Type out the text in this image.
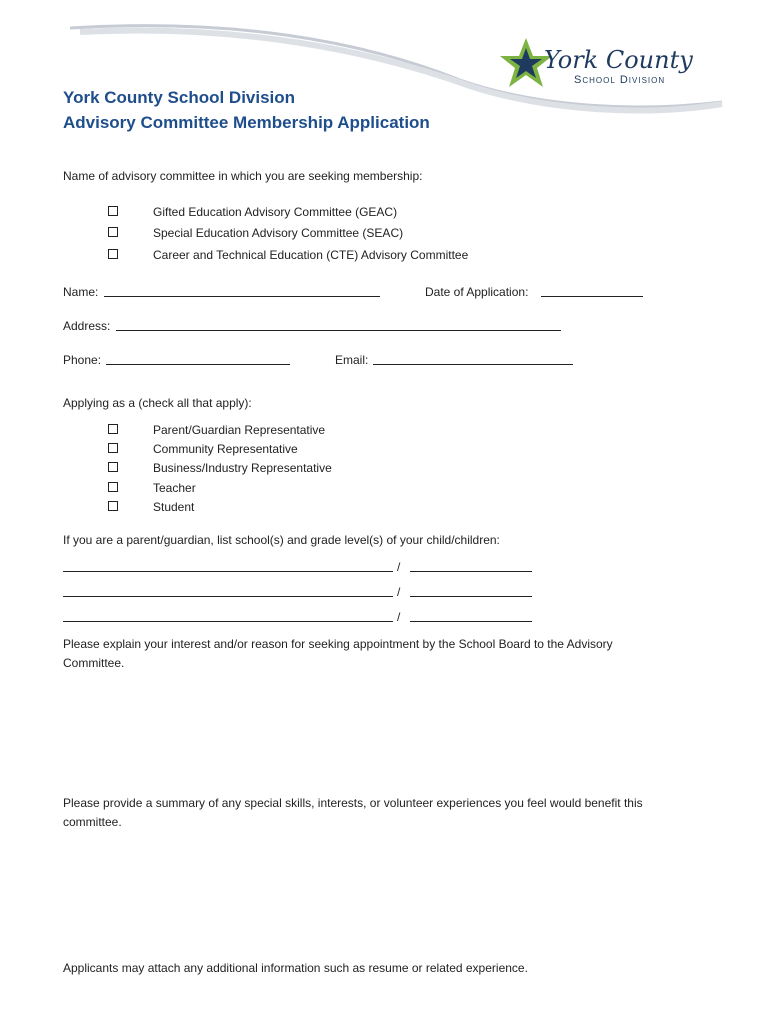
York County
School Division
York County School Division
Advisory Committee Membership Application
Name of advisory committee in which you are seeking membership:
Gifted Education Advisory Committee (GEAC)
Special Education Advisory Committee (SEAC)
Career and Technical Education (CTE) Advisory Committee
Name:	Date of Application:
Address:
Phone:	Email:
Applying as a (check all that apply):
Parent/Guardian Representative
Community Representative
Business/Industry Representative
Teacher
Student
If you are a parent/guardian, list school(s) and grade level(s) of your child/children:
/
/
/
Please explain your interest and/or reason for seeking appointment by the School Board to the Advisory Committee.
Please provide a summary of any special skills, interests, or volunteer experiences you feel would benefit this committee.
Applicants may attach any additional information such as resume or related experience.
